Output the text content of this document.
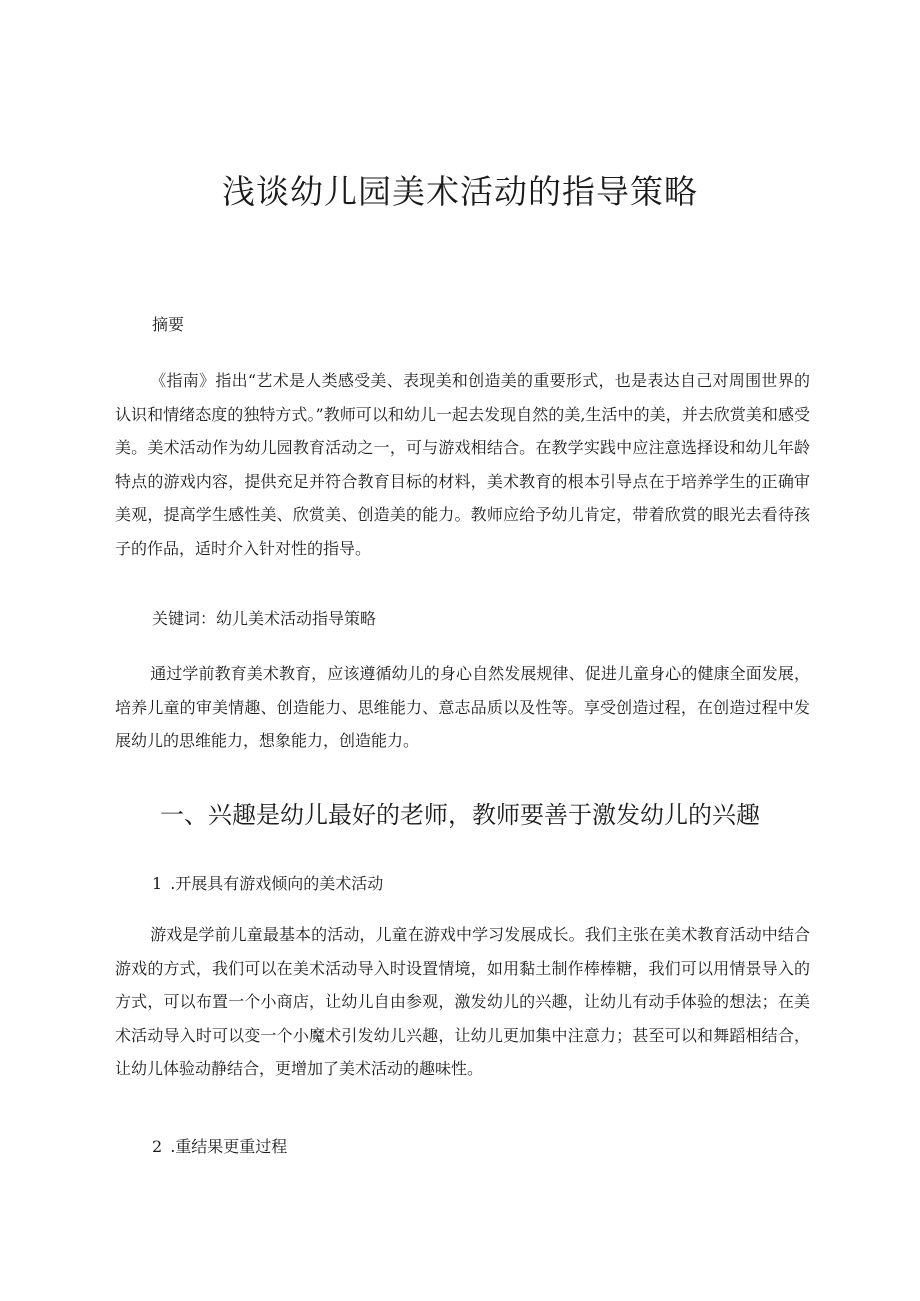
浅谈幼儿园美术活动的指导策略

摘要

《指南》指出“艺术是人类感受美、表现美和创造美的重要形式，也是表达自己对周围世界的认识和情绪态度的独特方式。”教师可以和幼儿一起去发现自然的美,生活中的美，并去欣赏美和感受美。美术活动作为幼儿园教育活动之一，可与游戏相结合。在教学实践中应注意选择设和幼儿年龄特点的游戏内容，提供充足并符合教育目标的材料，美术教育的根本引导点在于培养学生的正确审美观，提高学生感性美、欣赏美、创造美的能力。教师应给予幼儿肯定，带着欣赏的眼光去看待孩子的作品，适时介入针对性的指导。

关键词：幼儿美术活动指导策略

通过学前教育美术教育，应该遵循幼儿的身心自然发展规律、促进儿童身心的健康全面发展，培养儿童的审美情趣、创造能力、思维能力、意志品质以及性等。享受创造过程，在创造过程中发展幼儿的思维能力，想象能力，创造能力。

一、兴趣是幼儿最好的老师，教师要善于激发幼儿的兴趣

1 .开展具有游戏倾向的美术活动

游戏是学前儿童最基本的活动，儿童在游戏中学习发展成长。我们主张在美术教育活动中结合游戏的方式，我们可以在美术活动导入时设置情境，如用黏土制作棒棒糖，我们可以用情景导入的方式，可以布置一个小商店，让幼儿自由参观，激发幼儿的兴趣，让幼儿有动手体验的想法；在美术活动导入时可以变一个小魔术引发幼儿兴趣，让幼儿更加集中注意力；甚至可以和舞蹈相结合，让幼儿体验动静结合，更增加了美术活动的趣味性。

2 .重结果更重过程
